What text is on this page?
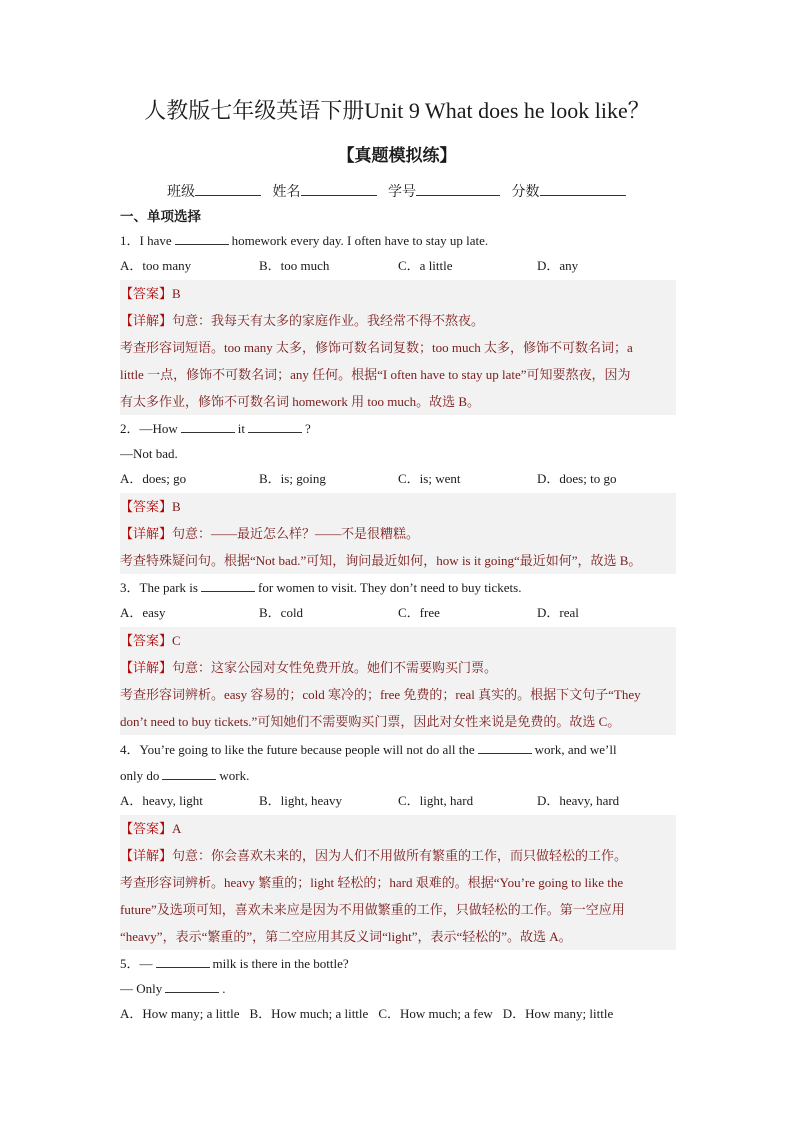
人教版七年级英语下册Unit 9 What does he look like？
【真题模拟练】
班级	姓名	学号	分数
一、单项选择
1．I have	homework every day. I often have to stay up late.
A．too many	B．too much	C．a little	D．any
【答案】B
【详解】句意：我每天有太多的家庭作业。我经常不得不熬夜。
考查形容词短语。too many 太多，修饰可数名词复数；too much 太多，修饰不可数名词；a
little 一点，修饰不可数名词；any 任何。根据“I often have to stay up late”可知要熬夜，因为
有太多作业，修饰不可数名词 homework 用 too much。故选 B。
2．—How	it	?
—Not bad.
A．does; go	B．is; going	C．is; went	D．does; to go
【答案】B
【详解】句意：——最近怎么样？——不是很糟糕。
考查特殊疑问句。根据“Not bad.”可知，询问最近如何，how is it going“最近如何”，故选 B。
3．The park is	for women to visit. They don’t need to buy tickets.
A．easy	B．cold	C．free	D．real
【答案】C
【详解】句意：这家公园对女性免费开放。她们不需要购买门票。
考查形容词辨析。easy 容易的；cold 寒冷的；free 免费的；real 真实的。根据下文句子“They
don’t need to buy tickets.”可知她们不需要购买门票，因此对女性来说是免费的。故选 C。
4．You’re going to like the future because people will not do all the	work, and we’ll
only do	work.
A．heavy, light	B．light, heavy	C．light, hard	D．heavy, hard
【答案】A
【详解】句意：你会喜欢未来的，因为人们不用做所有繁重的工作，而只做轻松的工作。
考查形容词辨析。heavy 繁重的；light 轻松的；hard 艰难的。根据“You’re going to like the
future”及选项可知，喜欢未来应是因为不用做繁重的工作，只做轻松的工作。第一空应用
“heavy”，表示“繁重的”，第二空应用其反义词“light”，表示“轻松的”。故选 A。
5．—	milk is there in the bottle?
— Only	.
A．How many; a little B．How much; a little C．How much; a few D．How many; little
